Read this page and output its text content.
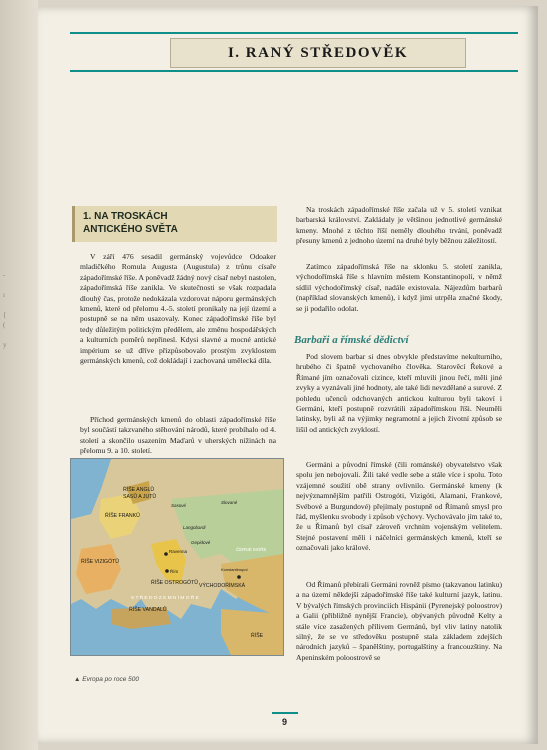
-

ı

{
(

y
I. RANÝ STŘEDOVĚK
1. NA TROSKÁCH
ANTICKÉHO SVĚTA

V září 476 sesadil germánský vojevůdce Odoaker mladičkého Romula Augusta (Augustula) z trůnu císaře západořímské říše. A poněvadž žádný nový císař nebyl nastolen, západořímská říše zanikla. Ve skutečnosti se však rozpadala dlouhý čas, protože nedokázala vzdorovat náporu germánských kmenů, které od přelomu 4.-5. století pronikaly na její území a postupně se na něm usazovaly. Konec západořímské říše byl tedy důležitým politickým předělem, ale změnu hospodářských a kulturních poměrů nepřinesl. Kdysi slavné a mocné antické impérium se už dříve přizpůsobovalo prostým zvyklostem germánských kmenů, což dokládají i zachovaná umělecká díla.

Příchod germánských kmenů do oblasti západořímské říše byl součástí takzvaného stěhování národů, které probíhalo od 4. století a skončilo usazením Maďarů v uherských nížinách na přelomu 9. a 10. století.

Na troskách západořímské říše začala už v 5. století vznikat barbarská království. Zakládaly je většinou jednotlivé germánské kmeny. Mnohé z těchto říší neměly dlouhého trvání, poněvadž přesuny kmenů z jednoho území na druhé byly běžnou záležitostí.

Zatímco západořímská říše na sklonku 5. století zanikla, východořímská říše s hlavním městem Konstantinopolí, v němž sídlil východořímský císař, nadále existovala. Nájezdům barbarů (například slovanských kmenů), i když jimi utrpěla značné škody, se ji podařilo odolat.

Barbaři a římské dědictví

Pod slovem barbar si dnes obvykle představíme nekulturního, hrubého či špatně vychovaného člověka. Starověcí Řekové a Římané jím označovali cizince, kteří mluvili jinou řečí, měli jiné zvyky a vyznávali jiné hodnoty, ale také lidi nevzdělané a surové. Z pohledu učenců odchovaných antickou kulturou byli takoví i Germáni, kteří postupně rozvrátili západořímskou říši. Neuměli latinsky, byli až na výjimky negramotní a jejich životní způsob se lišil od antických zvyklostí.

Germáni a původní římské (čili románské) obyvatelstvo však spolu jen nebojovali. Žili také vedle sebe a stále více i spolu. Toto vzájemné soužití obě strany ovlivnilo. Germánské kmeny (k nejvýznamnějším patřili Ostrogóti, Vizigóti, Alamani, Frankové, Svébové a Burgundové) přejímaly postupně od Římanů smysl pro řád, myšlenku svobody i způsob výchovy. Vychovávalo jím také to, že u Římanů byl císař zároveň vrchním vojenským velitelem. Stejné postavení měli i náčelníci germánských kmenů, kteří se označovali jako králové.

Od Římanů přebírali Germáni rovněž písmo (takzvanou latinku) a na území někdejší západořímské říše také kulturní jazyk, latinu. V bývalých římských provinciích Hispánii (Pyrenejský poloostrov) a Galii (přibližně nynější Francie), obývaných původně Kelty a stále více zasažených přílivem Germánů, byl vliv latiny natolik silný, že se ve středověku postupně stala základem zdejších národních jazyků – španělštiny, portugalštiny a francouzštiny. Na Apeninském poloostrově se

ŘÍŠE ANGLŮ
SASŮ A JUTŮ
ŘÍŠE FRANKŮ
ŘÍŠE VIZIGÓTŮ
ŘÍŠE OSTROGÓTŮ
ŘÍŠE VANDALŮ
VÝCHODOŘÍMSKÁ
ŘÍŠE
Ravenna
Řím	Konstantinopol
ČERNÉ MOŘE
S T Ř E D O Z E M N Í M O Ř E
Slované
Sasové
Langobardi
Gepidové
▲ Evropa po roce 500
9
